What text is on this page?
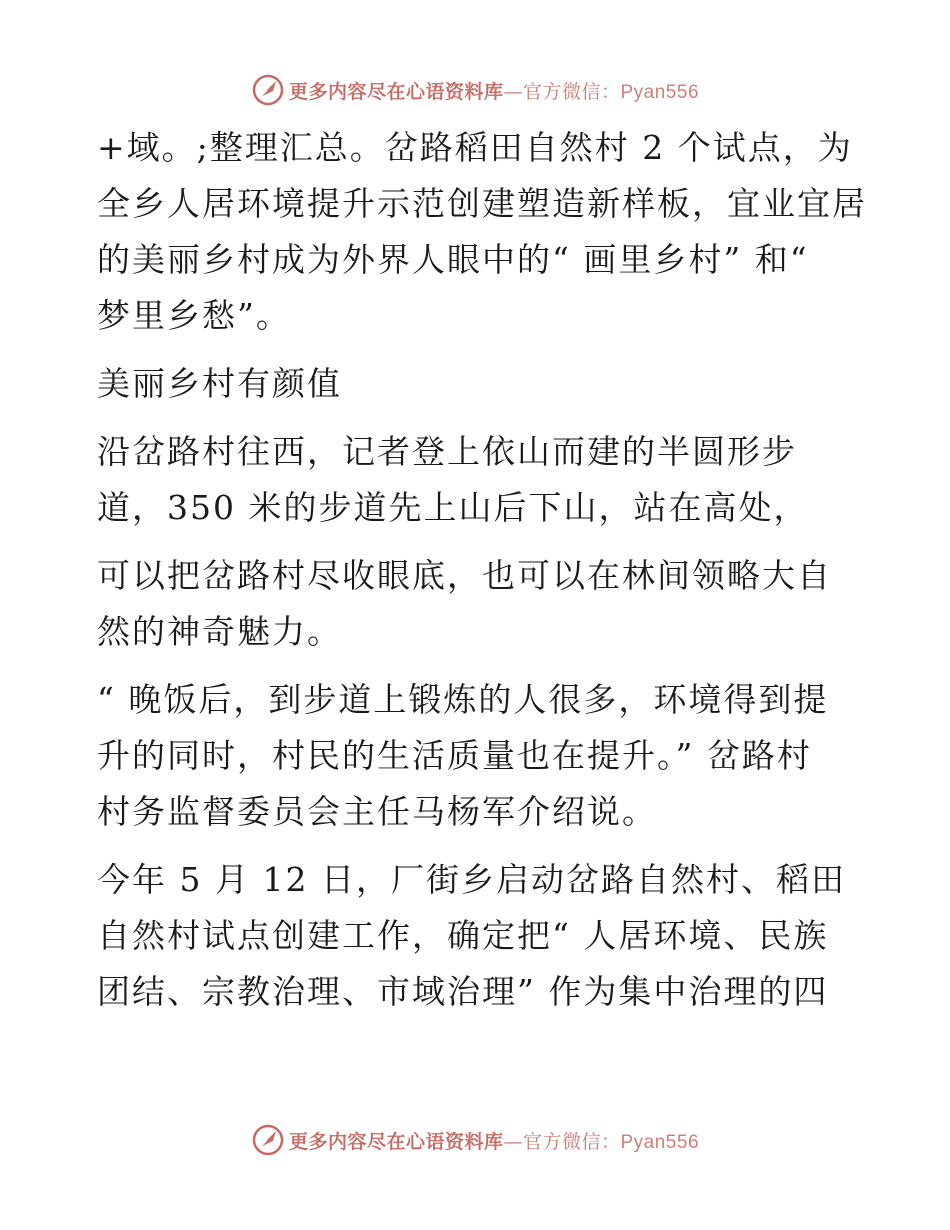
更多内容尽在心语资料库—官方微信：Pyan556
+域。;整理汇总。岔路稻田自然村 2 个试点，为
全乡人居环境提升示范创建塑造新样板，宜业宜居
的美丽乡村成为外界人眼中的“ 画里乡村” 和“
梦里乡愁”。
美丽乡村有颜值
沿岔路村往西，记者登上依山而建的半圆形步
道，350 米的步道先上山后下山，站在高处，
可以把岔路村尽收眼底，也可以在林间领略大自
然的神奇魅力。
“ 晚饭后，到步道上锻炼的人很多，环境得到提
升的同时，村民的生活质量也在提升。” 岔路村
村务监督委员会主任马杨军介绍说。
今年 5 月 12 日，厂街乡启动岔路自然村、稻田
自然村试点创建工作，确定把“ 人居环境、民族
团结、宗教治理、市域治理” 作为集中治理的四
更多内容尽在心语资料库—官方微信：Pyan556
